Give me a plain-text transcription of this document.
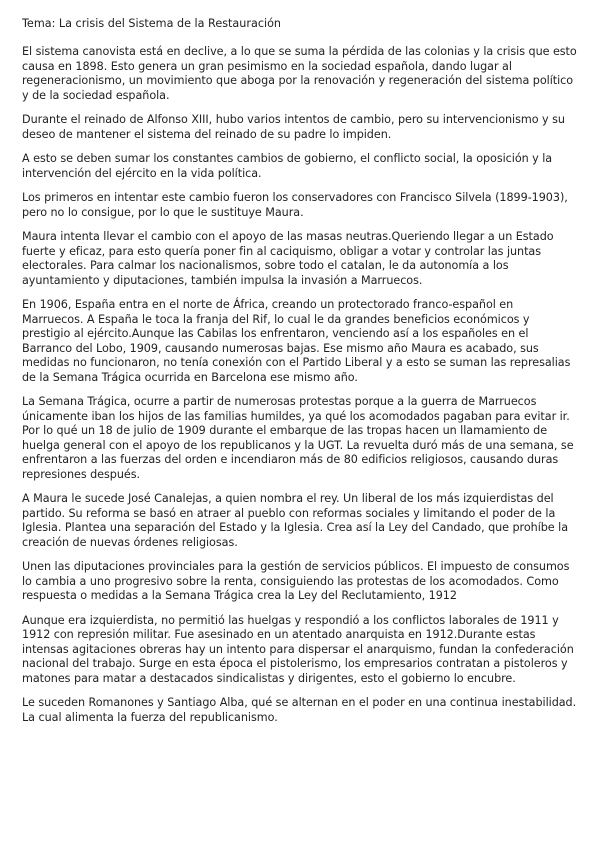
Tema: La crisis del Sistema de la Restauración

El sistema canovista está en declive, a lo que se suma la pérdida de las colonias y la crisis que esto causa en 1898. Esto genera un gran pesimismo en la sociedad española, dando lugar al regeneracionismo, un movimiento que aboga por la renovación y regeneración del sistema político y de la sociedad española.

Durante el reinado de Alfonso XIII, hubo varios intentos de cambio, pero su intervencionismo y su deseo de mantener el sistema del reinado de su padre lo impiden.

A esto se deben sumar los constantes cambios de gobierno, el conflicto social, la oposición y la intervención del ejército en la vida política.

Los primeros en intentar este cambio fueron los conservadores con Francisco Silvela (1899-1903), pero no lo consigue, por lo que le sustituye Maura.

Maura intenta llevar el cambio con el apoyo de las masas neutras.Queriendo llegar a un Estado fuerte y eficaz, para esto quería poner fin al caciquismo, obligar a votar y controlar las juntas electorales. Para calmar los nacionalismos, sobre todo el catalan, le da autonomía a los ayuntamiento y diputaciones, también impulsa la invasión a Marruecos.

En 1906, España entra en el norte de África, creando un protectorado franco-español en Marruecos. A España le toca la franja del Rif, lo cual le da grandes beneficios económicos y prestigio al ejército.Aunque las Cabilas los enfrentaron, venciendo así a los españoles en el Barranco del Lobo, 1909, causando numerosas bajas. Ese mismo año Maura es acabado, sus medidas no funcionaron, no tenía conexión con el Partido Liberal y a esto se suman las represalias de la Semana Trágica ocurrida en Barcelona ese mismo año.

La Semana Trágica, ocurre a partir de numerosas protestas porque a la guerra de Marruecos únicamente iban los hijos de las familias humildes, ya qué los acomodados pagaban para evitar ir. Por lo qué un 18 de julio de 1909 durante el embarque de las tropas hacen un llamamiento de huelga general con el apoyo de los republicanos y la UGT. La revuelta duró más de una semana, se enfrentaron a las fuerzas del orden e incendiaron más de 80 edificios religiosos, causando duras represiones después.

A Maura le sucede José Canalejas, a quien nombra el rey. Un liberal de los más izquierdistas del partido. Su reforma se basó en atraer al pueblo con reformas sociales y limitando el poder de la Iglesia. Plantea una separación del Estado y la Iglesia. Crea así la Ley del Candado, que prohíbe la creación de nuevas órdenes religiosas.

Unen las diputaciones provinciales para la gestión de servicios públicos. El impuesto de consumos lo cambia a uno progresivo sobre la renta, consiguiendo las protestas de los acomodados. Como respuesta o medidas a la Semana Trágica crea la Ley del Reclutamiento, 1912

Aunque era izquierdista, no permitió las huelgas y respondió a los conflictos laborales de 1911 y 1912 con represión militar. Fue asesinado en un atentado anarquista en 1912.Durante estas intensas agitaciones obreras hay un intento para dispersar el anarquismo, fundan la confederación nacional del trabajo. Surge en esta época el pistolerismo, los empresarios contratan a pistoleros y matones para matar a destacados sindicalistas y dirigentes, esto el gobierno lo encubre.

Le suceden Romanones y Santiago Alba, qué se alternan en el poder en una continua inestabilidad. La cual alimenta la fuerza del republicanismo.
